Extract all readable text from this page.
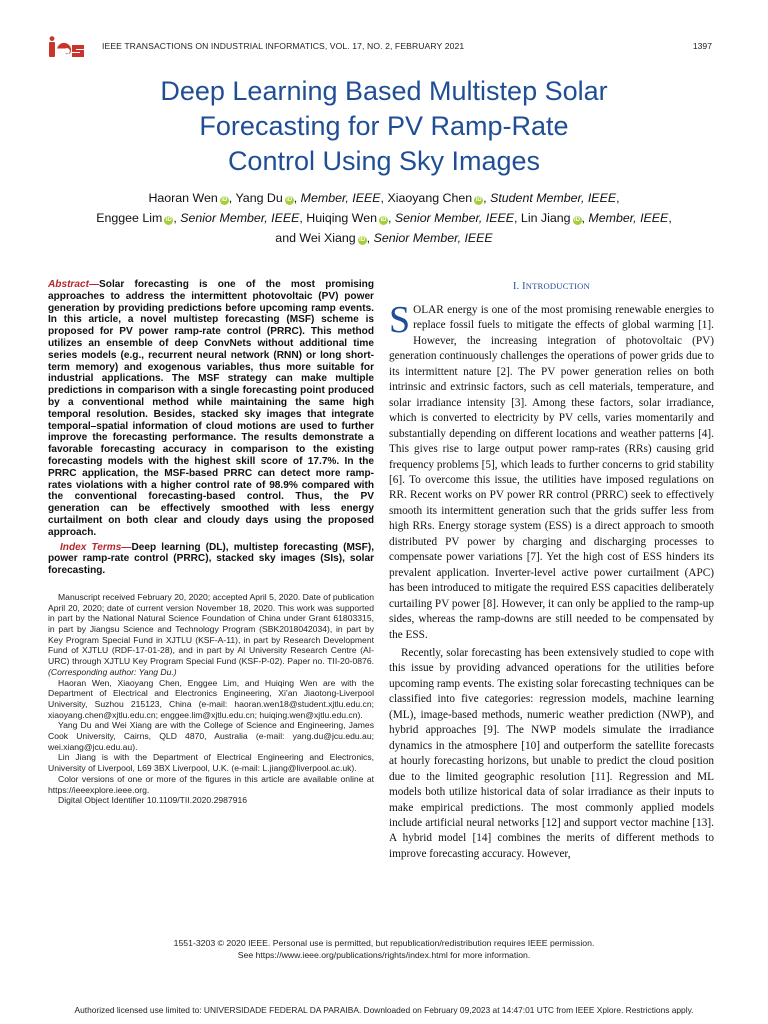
IEEE TRANSACTIONS ON INDUSTRIAL INFORMATICS, VOL. 17, NO. 2, FEBRUARY 2021	1397
Deep Learning Based Multistep Solar
Forecasting for PV Ramp-Rate
Control Using Sky Images
Haoran Wen iD , Yang Du iD , Member, IEEE, Xiaoyang Chen iD , Student Member, IEEE,
Enggee Lim iD , Senior Member, IEEE, Huiqing Wen iD , Senior Member, IEEE, Lin Jiang iD , Member, IEEE,
and Wei Xiang iD , Senior Member, IEEE

Abstract—Solar forecasting is one of the most promising approaches to address the intermittent photovoltaic (PV) power generation by providing predictions before upcoming ramp events. In this article, a novel multistep forecasting (MSF) scheme is proposed for PV power ramp-rate control (PRRC). This method utilizes an ensemble of deep ConvNets without additional time series models (e.g., recurrent neural network (RNN) or long short-term memory) and exogenous variables, thus more suitable for industrial applications. The MSF strategy can make multiple predictions in comparison with a single forecasting point produced by a conventional method while maintaining the same high temporal resolution. Besides, stacked sky images that integrate temporal–spatial information of cloud motions are used to further improve the forecasting performance. The results demonstrate a favorable forecasting accuracy in comparison to the existing forecasting models with the highest skill score of 17.7%. In the PRRC application, the MSF-based PRRC can detect more ramp-rates violations with a higher control rate of 98.9% compared with the conventional forecasting-based control. Thus, the PV generation can be effectively smoothed with less energy curtailment on both clear and cloudy days using the proposed approach.

Index Terms—Deep learning (DL), multistep forecasting (MSF), power ramp-rate control (PRRC), stacked sky images (SIs), solar forecasting.

Manuscript received February 20, 2020; accepted April 5, 2020. Date of publication April 20, 2020; date of current version November 18, 2020. This work was supported in part by the National Natural Science Foundation of China under Grant 61803315, in part by Jiangsu Science and Technology Program (SBK2018042034), in part by Key Program Special Fund in XJTLU (KSF-A-11), in part by Research Development Fund of XJTLU (RDF-17-01-28), and in part by AI University Research Centre (AI-URC) through XJTLU Key Program Special Fund (KSF-P-02). Paper no. TII-20-0876. (Corresponding author: Yang Du.)

Haoran Wen, Xiaoyang Chen, Enggee Lim, and Huiqing Wen are with the Department of Electrical and Electronics Engineering, Xi’an Jiaotong-Liverpool University, Suzhou 215123, China (e-mail: haoran.wen18@student.xjtlu.edu.cn; xiaoyang.chen@xjtlu.edu.cn; enggee.lim@xjtlu.edu.cn; huiqing.wen@xjtlu.edu.cn).

Yang Du and Wei Xiang are with the College of Science and Engineering, James Cook University, Cairns, QLD 4870, Australia (e-mail: yang.du@jcu.edu.au; wei.xiang@jcu.edu.au).

Lin Jiang is with the Department of Electrical Engineering and Electronics, University of Liverpool, L69 3BX Liverpool, U.K. (e-mail: L.jiang@liverpool.ac.uk).

Color versions of one or more of the figures in this article are available online at https://ieeexplore.ieee.org.

Digital Object Identifier 10.1109/TII.2020.2987916

I. INTRODUCTION

SOLAR energy is one of the most promising renewable energies to replace fossil fuels to mitigate the effects of global warming [1]. However, the increasing integration of photovoltaic (PV) generation continuously challenges the operations of power grids due to its intermittent nature [2]. The PV power generation relies on both intrinsic and extrinsic factors, such as cell materials, temperature, and solar irradiance intensity [3]. Among these factors, solar irradiance, which is converted to electricity by PV cells, varies momentarily and substantially depending on different locations and weather patterns [4]. This gives rise to large output power ramp-rates (RRs) causing grid frequency problems [5], which leads to further concerns to grid stability [6]. To overcome this issue, the utilities have imposed regulations on RR. Recent works on PV power RR control (PRRC) seek to effectively smooth its intermittent generation such that the grids suffer less from high RRs. Energy storage system (ESS) is a direct approach to smooth distributed PV power by charging and discharging processes to compensate power variations [7]. Yet the high cost of ESS hinders its prevalent application. Inverter-level active power curtailment (APC) has been introduced to mitigate the required ESS capacities deliberately curtailing PV power [8]. However, it can only be applied to the ramp-up sides, whereas the ramp-downs are still needed to be compensated by the ESS.

Recently, solar forecasting has been extensively studied to cope with this issue by providing advanced operations for the utilities before upcoming ramp events. The existing solar forecasting techniques can be classified into five categories: regression models, machine learning (ML), image-based methods, numeric weather prediction (NWP), and hybrid approaches [9]. The NWP models simulate the irradiance dynamics in the atmosphere [10] and outperform the satellite forecasts at hourly forecasting horizons, but unable to predict the cloud position due to the limited geographic resolution [11]. Regression and ML models both utilize historical data of solar irradiance as their inputs to make empirical predictions. The most commonly applied models include artificial neural networks [12] and support vector machine [13]. A hybrid model [14] combines the merits of different methods to improve forecasting accuracy. However,

1551-3203 © 2020 IEEE. Personal use is permitted, but republication/redistribution requires IEEE permission.
See https://www.ieee.org/publications/rights/index.html for more information.
Authorized licensed use limited to: UNIVERSIDADE FEDERAL DA PARAIBA. Downloaded on February 09,2023 at 14:47:01 UTC from IEEE Xplore. Restrictions apply.
